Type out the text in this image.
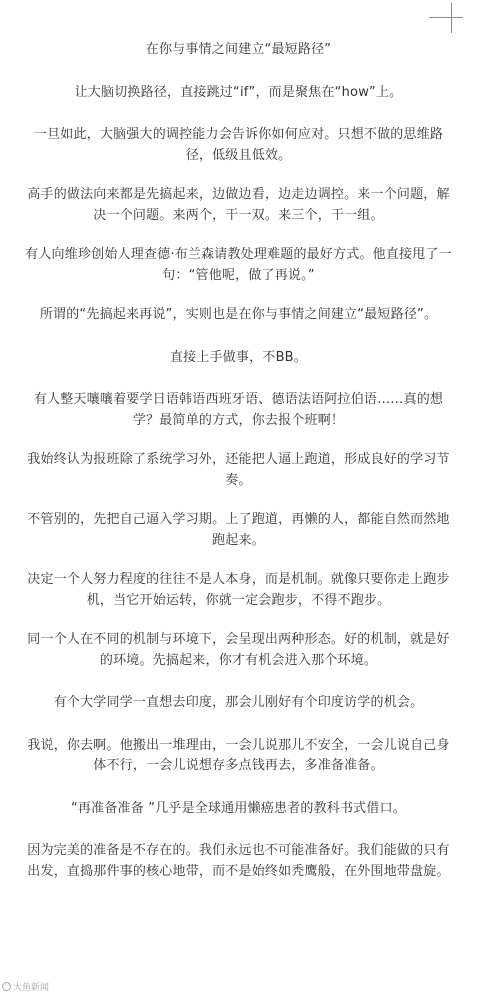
在你与事情之间建立“最短路径”

让大脑切换路径，直接跳过“if”，而是聚焦在“how”上。

一旦如此，大脑强大的调控能力会告诉你如何应对。只想不做的思维路径，低级且低效。

高手的做法向来都是先搞起来，边做边看，边走边调控。来一个问题，解决一个问题。来两个，干一双。来三个，干一组。

有人向维珍创始人理查德·布兰森请教处理难题的最好方式。他直接甩了一句：“管他呢，做了再说。”

所谓的“先搞起来再说”，实则也是在你与事情之间建立“最短路径”。

直接上手做事，不BB。

有人整天嚷嚷着要学日语韩语西班牙语、德语法语阿拉伯语……真的想学？最简单的方式，你去报个班啊！

我始终认为报班除了系统学习外，还能把人逼上跑道，形成良好的学习节奏。

不管别的，先把自己逼入学习期。上了跑道，再懒的人，都能自然而然地跑起来。

决定一个人努力程度的往往不是人本身，而是机制。就像只要你走上跑步机，当它开始运转，你就一定会跑步，不得不跑步。

同一个人在不同的机制与环境下，会呈现出两种形态。好的机制，就是好的环境。先搞起来，你才有机会进入那个环境。

有个大学同学一直想去印度，那会儿刚好有个印度访学的机会。

我说，你去啊。他搬出一堆理由，一会儿说那儿不安全，一会儿说自己身体不行，一会儿说想存多点钱再去，多准备准备。

“再准备准备 ”几乎是全球通用懒癌患者的教科书式借口。

因为完美的准备是不存在的。我们永远也不可能准备好。我们能做的只有出发，直捣那件事的核心地带，而不是始终如秃鹰般，在外围地带盘旋。

大鱼新闻
